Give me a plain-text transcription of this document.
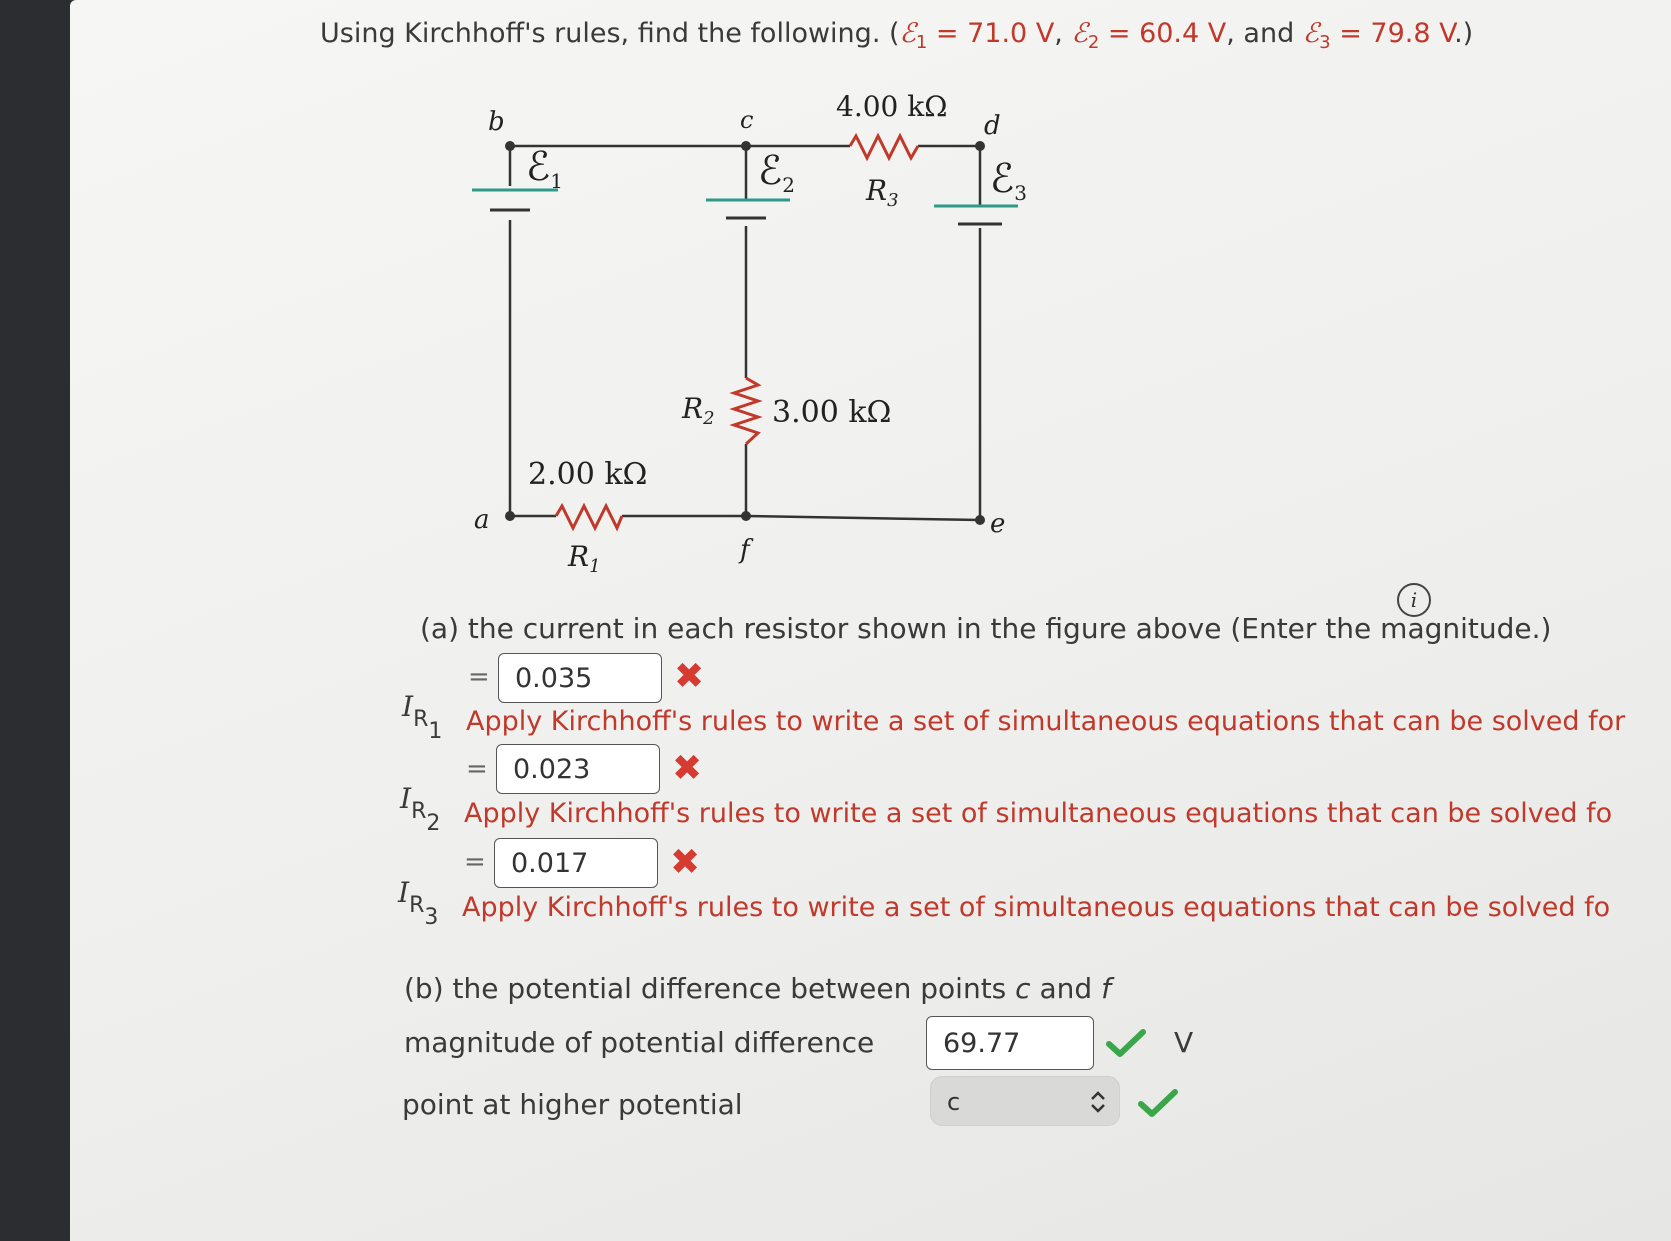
Using Kirchhoff's rules, find the following. (ℰ$_1$ = 71.0 V, ℰ$_2$ = 60.4 V, and ℰ$_3$ = 79.8 V.)
b	c	d
a
f
e
ℰ$_1$	ℰ$_2$	ℰ$_3$
4.00 kΩ
$R_3$
$R_2$ 3.00 kΩ
2.00 kΩ
$R_1$
i
(a) the current in each resistor shown in the figure above (Enter the magnitude.)
$I_{R1}$
= 0.035	✖
Apply Kirchhoff's rules to write a set of simultaneous equations that can be solved for
$I_{R2}$
= 0.023	✖
Apply Kirchhoff's rules to write a set of simultaneous equations that can be solved fo
$I_{R3}$
= 0.017	✖
Apply Kirchhoff's rules to write a set of simultaneous equations that can be solved fo
(b) the potential difference between points c and f
magnitude of potential difference	69.77	V
point at higher potential	c
